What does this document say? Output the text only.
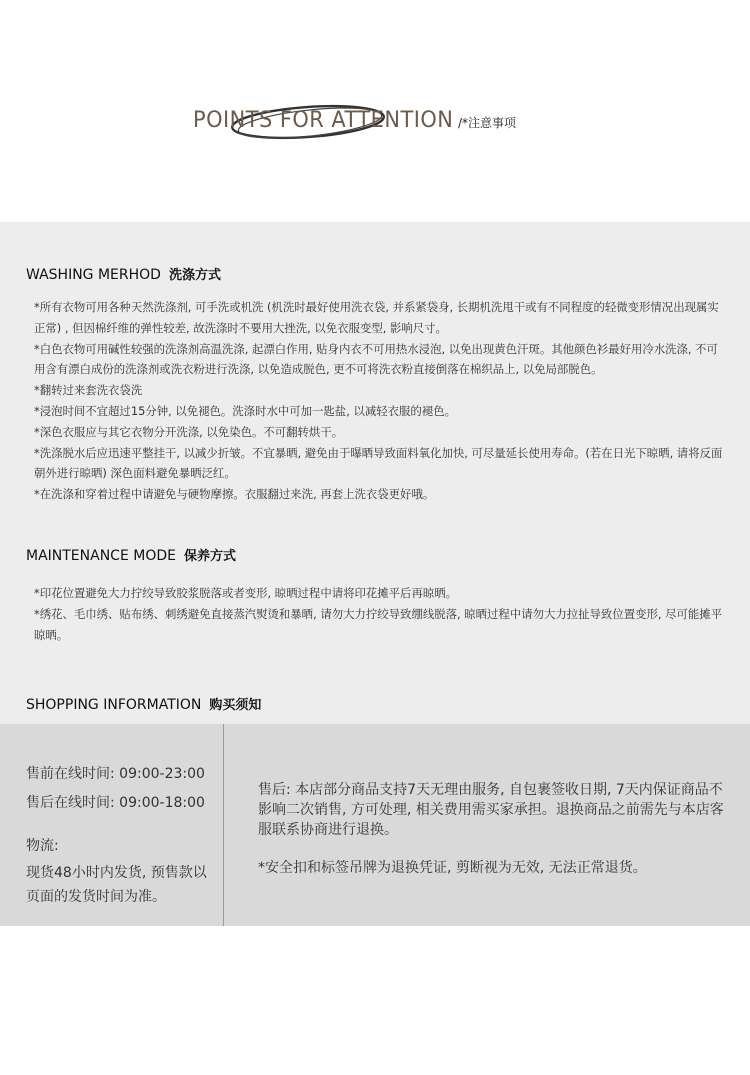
POINTS FOR ATTENTION /*注意事项
WASHING MERHOD 洗涤方式

*所有衣物可用各种天然洗涤剂, 可手洗或机洗 (机洗时最好使用洗衣袋, 并系紧袋身, 长期机洗甩干或有不同程度的轻微变形情况出现属实正常) , 但因棉纤维的弹性较差, 故洗涤时不要用大挫洗, 以免衣服变型, 影响尺寸。

*白色衣物可用碱性较强的洗涤剂高温洗涤, 起漂白作用, 贴身内衣不可用热水浸泡, 以免出现黄色汗斑。其他颜色衫最好用冷水洗涤, 不可用含有漂白成份的洗涤剂或洗衣粉进行洗涤, 以免造成脱色, 更不可将洗衣粉直接倒落在棉织品上, 以免局部脱色。

*翻转过来套洗衣袋洗

*浸泡时间不宜超过15分钟, 以免褪色。洗涤时水中可加一匙盐, 以减轻衣服的褪色。

*深色衣服应与其它衣物分开洗涤, 以免染色。不可翻转烘干。

*洗涤脱水后应迅速平整挂干, 以减少折皱。不宜暴晒, 避免由于曝晒导致面料氧化加快, 可尽量延长使用寿命。(若在日光下晾晒, 请将反面朝外进行晾晒) 深色面料避免暴晒泛红。

*在洗涤和穿着过程中请避免与硬物摩擦。衣服翻过来洗, 再套上洗衣袋更好哦。

MAINTENANCE MODE 保养方式

*印花位置避免大力拧绞导致胶浆脱落或者变形, 晾晒过程中请将印花摊平后再晾晒。

*绣花、毛巾绣、贴布绣、刺绣避免直接蒸汽熨烫和暴晒, 请勿大力拧绞导致绷线脱落, 晾晒过程中请勿大力拉扯导致位置变形, 尽可能摊平晾晒。

SHOPPING INFORMATION 购买须知
售前在线时间: 09:00-23:00
售后在线时间: 09:00-18:00
物流:
现货48小时内发货, 预售款以页面的发货时间为准。

售后: 本店部分商品支持7天无理由服务, 自包裹签收日期, 7天内保证商品不影响二次销售, 方可处理, 相关费用需买家承担。退换商品之前需先与本店客服联系协商进行退换。

*安全扣和标签吊牌为退换凭证, 剪断视为无效, 无法正常退货。
